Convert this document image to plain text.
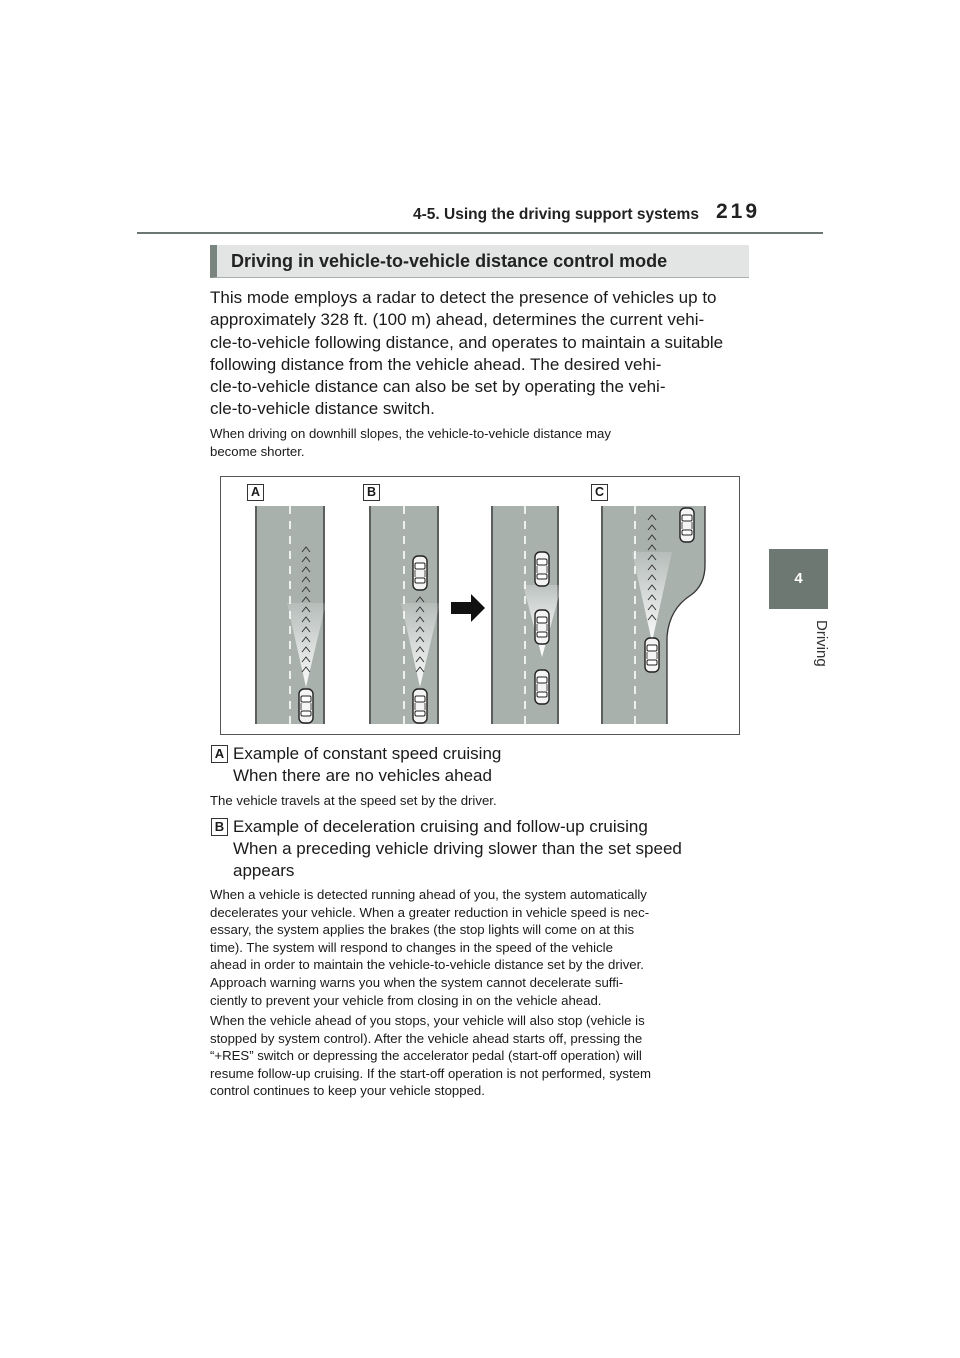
4-5. Using the driving support systems 219
4
Driving
Driving in vehicle-to-vehicle distance control mode
This mode employs a radar to detect the presence of vehicles up to
approximately 328 ft. (100 m) ahead, determines the current vehi-
cle-to-vehicle following distance, and operates to maintain a suitable
following distance from the vehicle ahead. The desired vehi-
cle-to-vehicle distance can also be set by operating the vehi-
cle-to-vehicle distance switch.
When driving on downhill slopes, the vehicle-to-vehicle distance may
become shorter.
A	B	C
A Example of constant speed cruising
When there are no vehicles ahead
The vehicle travels at the speed set by the driver.
B Example of deceleration cruising and follow-up cruising
When a preceding vehicle driving slower than the set speed
appears
When a vehicle is detected running ahead of you, the system automatically
decelerates your vehicle. When a greater reduction in vehicle speed is nec-
essary, the system applies the brakes (the stop lights will come on at this
time). The system will respond to changes in the speed of the vehicle
ahead in order to maintain the vehicle-to-vehicle distance set by the driver.
Approach warning warns you when the system cannot decelerate suffi-
ciently to prevent your vehicle from closing in on the vehicle ahead.
When the vehicle ahead of you stops, your vehicle will also stop (vehicle is
stopped by system control). After the vehicle ahead starts off, pressing the
“+RES” switch or depressing the accelerator pedal (start-off operation) will
resume follow-up cruising. If the start-off operation is not performed, system
control continues to keep your vehicle stopped.
